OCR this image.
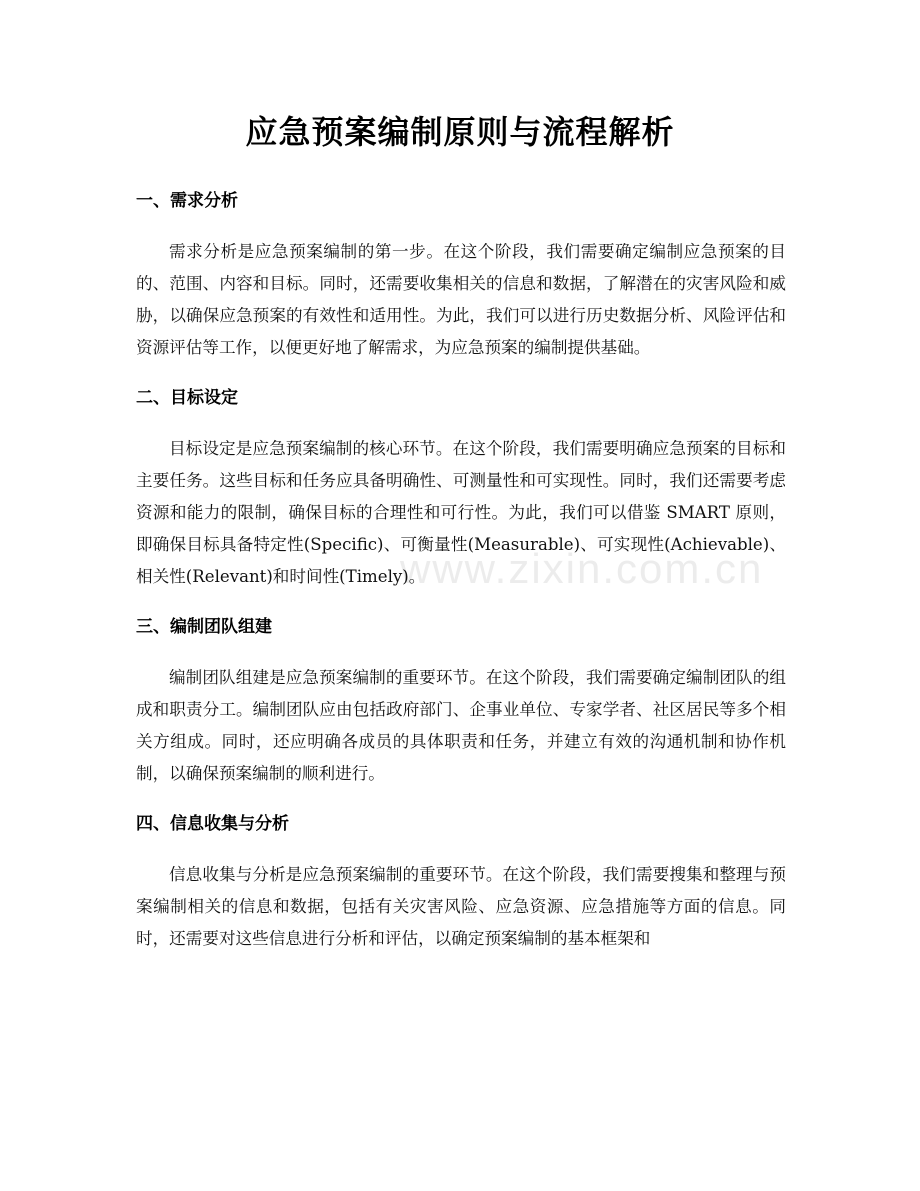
www.zixin.com.cn
应急预案编制原则与流程解析
一、需求分析

需求分析是应急预案编制的第一步。在这个阶段，我们需要确定编制应急预案的目的、范围、内容和目标。同时，还需要收集相关的信息和数据，了解潜在的灾害风险和威胁，以确保应急预案的有效性和适用性。为此，我们可以进行历史数据分析、风险评估和资源评估等工作，以便更好地了解需求，为应急预案的编制提供基础。

二、目标设定

目标设定是应急预案编制的核心环节。在这个阶段，我们需要明确应急预案的目标和主要任务。这些目标和任务应具备明确性、可测量性和可实现性。同时，我们还需要考虑资源和能力的限制，确保目标的合理性和可行性。为此，我们可以借鉴 SMART 原则，即确保目标具备特定性(Specific)、可衡量性(Measurable)、可实现性(Achievable)、相关性(Relevant)和时间性(Timely)。

三、编制团队组建

编制团队组建是应急预案编制的重要环节。在这个阶段，我们需要确定编制团队的组成和职责分工。编制团队应由包括政府部门、企事业单位、专家学者、社区居民等多个相关方组成。同时，还应明确各成员的具体职责和任务，并建立有效的沟通机制和协作机制，以确保预案编制的顺利进行。

四、信息收集与分析

信息收集与分析是应急预案编制的重要环节。在这个阶段，我们需要搜集和整理与预案编制相关的信息和数据，包括有关灾害风险、应急资源、应急措施等方面的信息。同时，还需要对这些信息进行分析和评估，以确定预案编制的基本框架和
